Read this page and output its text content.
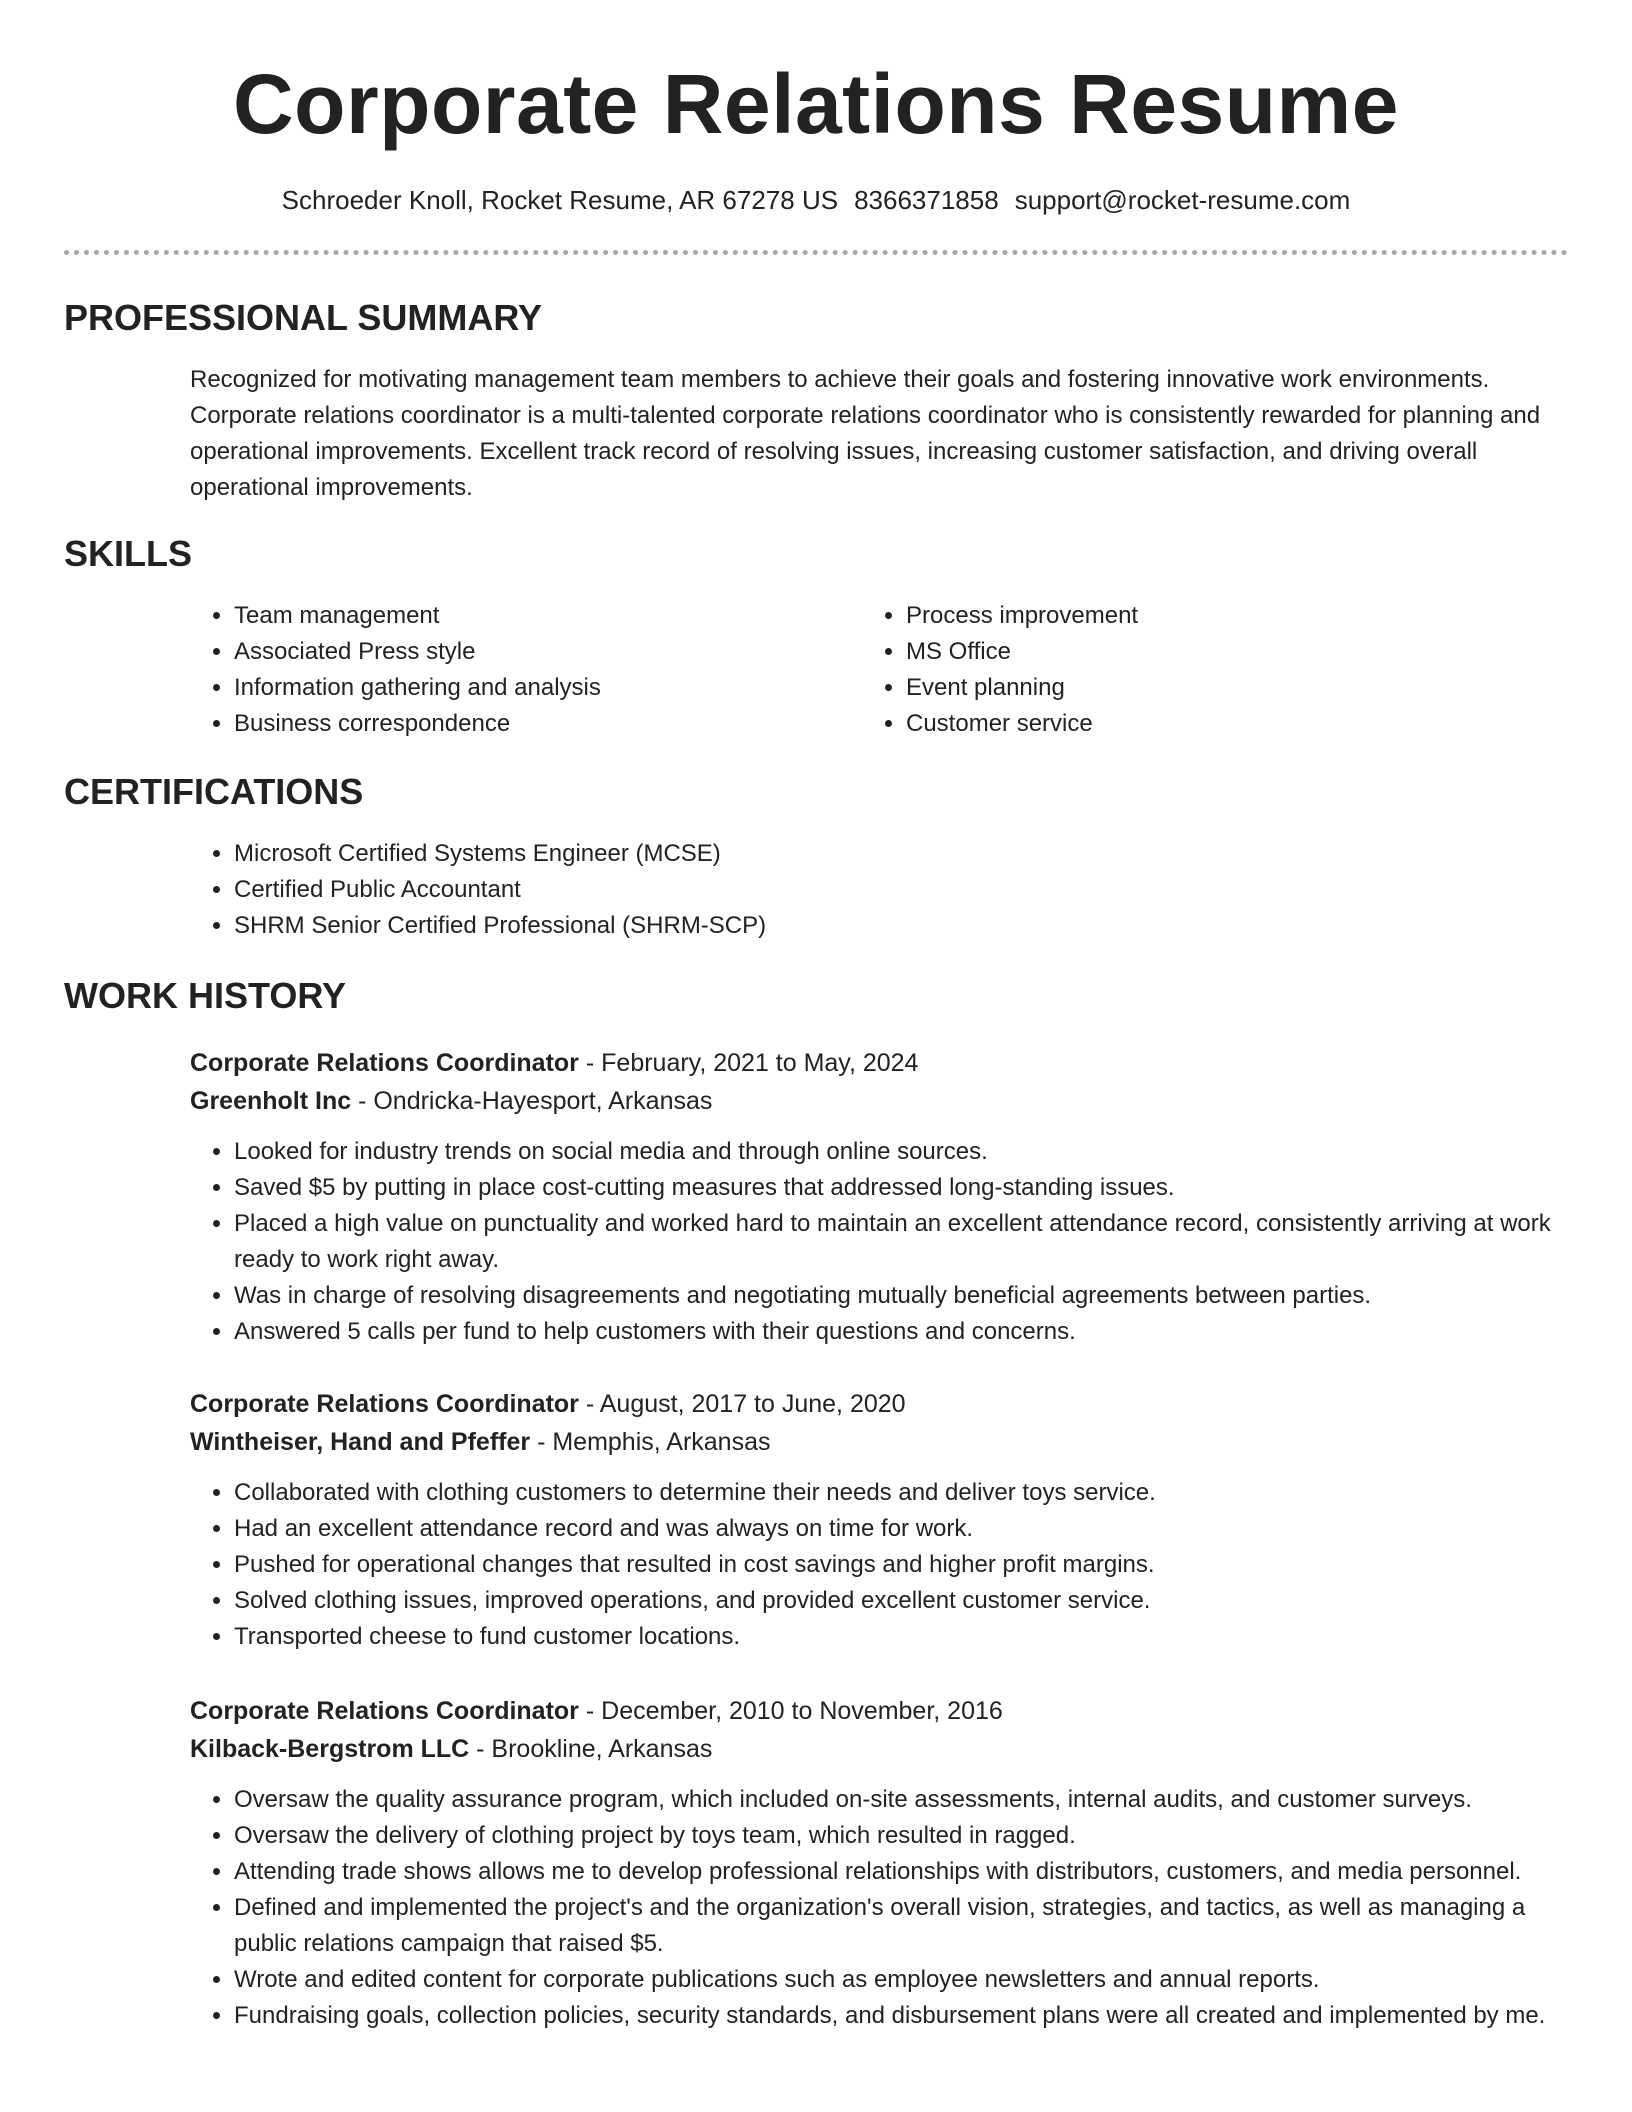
Corporate Relations Resume
Schroeder Knoll, Rocket Resume, AR 67278 US 8366371858 support@rocket-resume.com
PROFESSIONAL SUMMARY

Recognized for motivating management team members to achieve their goals and fostering innovative work environments. Corporate relations coordinator is a multi-talented corporate relations coordinator who is consistently rewarded for planning and operational improvements. Excellent track record of resolving issues, increasing customer satisfaction, and driving overall operational improvements.

SKILLS
• Team management
• Associated Press style
• Information gathering and analysis
• Business correspondence
• Process improvement
• MS Office
• Event planning
• Customer service
CERTIFICATIONS
• Microsoft Certified Systems Engineer (MCSE)
• Certified Public Accountant
• SHRM Senior Certified Professional (SHRM-SCP)
WORK HISTORY

Corporate Relations Coordinator - February, 2021 to May, 2024

Greenholt Inc - Ondricka-Hayesport, Arkansas

• Looked for industry trends on social media and through online sources.
• Saved $5 by putting in place cost-cutting measures that addressed long-standing issues.
• Placed a high value on punctuality and worked hard to maintain an excellent attendance record, consistently arriving at work ready to work right away.
• Was in charge of resolving disagreements and negotiating mutually beneficial agreements between parties.
• Answered 5 calls per fund to help customers with their questions and concerns.

Corporate Relations Coordinator - August, 2017 to June, 2020

Wintheiser, Hand and Pfeffer - Memphis, Arkansas

• Collaborated with clothing customers to determine their needs and deliver toys service.
• Had an excellent attendance record and was always on time for work.
• Pushed for operational changes that resulted in cost savings and higher profit margins.
• Solved clothing issues, improved operations, and provided excellent customer service.
• Transported cheese to fund customer locations.

Corporate Relations Coordinator - December, 2010 to November, 2016

Kilback-Bergstrom LLC - Brookline, Arkansas

• Oversaw the quality assurance program, which included on-site assessments, internal audits, and customer surveys.
• Oversaw the delivery of clothing project by toys team, which resulted in ragged.
• Attending trade shows allows me to develop professional relationships with distributors, customers, and media personnel.
• Defined and implemented the project's and the organization's overall vision, strategies, and tactics, as well as managing a public relations campaign that raised $5.
• Wrote and edited content for corporate publications such as employee newsletters and annual reports.
• Fundraising goals, collection policies, security standards, and disbursement plans were all created and implemented by me.
